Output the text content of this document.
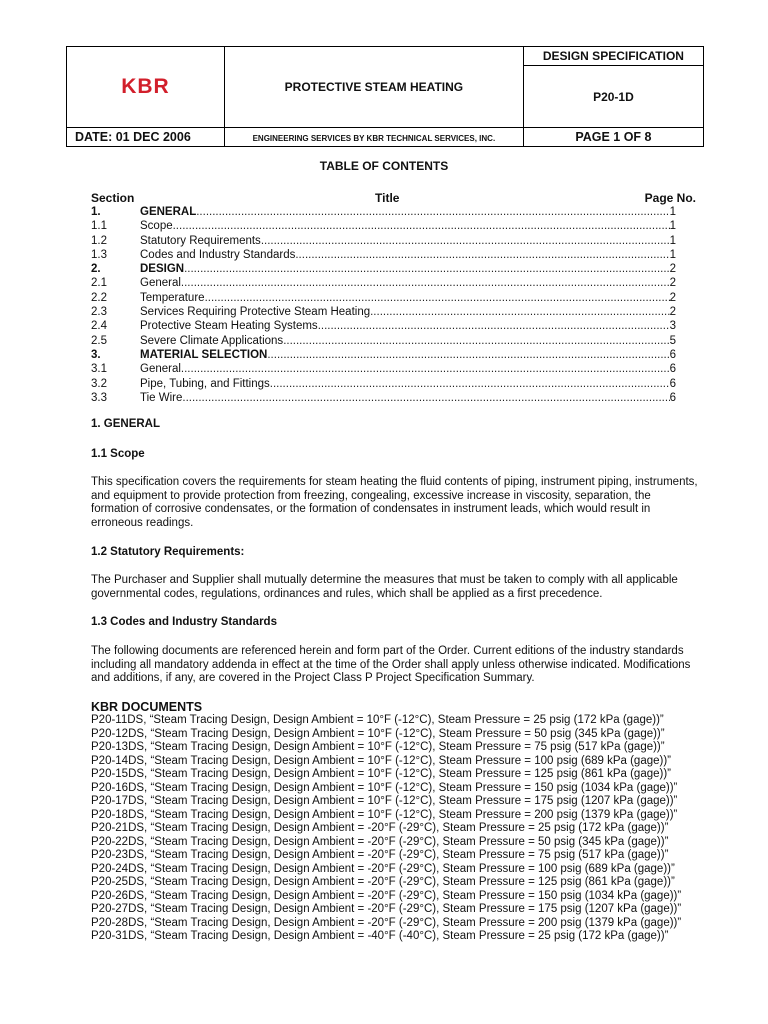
KBR	PROTECTIVE STEAM HEATING	DESIGN SPECIFICATION
		P20-1D
DATE: 01 DEC 2006	ENGINEERING SERVICES BY KBR TECHNICAL SERVICES, INC.	PAGE 1 OF 8
TABLE OF CONTENTS
Section	Title	Page No.
1.	GENERAL .....	1
1.1	Scope .....	1
1.2	Statutory Requirements .....	1
1.3	Codes and Industry Standards .....	1
2.	DESIGN .....	2
2.1	General .....	2
2.2	Temperature .....	2
2.3	Services Requiring Protective Steam Heating .....	2
2.4	Protective Steam Heating Systems .....	3
2.5	Severe Climate Applications .....	5
3.	MATERIAL SELECTION .....	6
3.1	General .....	6
3.2	Pipe, Tubing, and Fittings .....	6
3.3	Tie Wire .....	6
1. GENERAL
1.1 Scope

This specification covers the requirements for steam heating the fluid contents of piping, instrument piping, instruments, and equipment to provide protection from freezing, congealing, excessive increase in viscosity, separation, the formation of corrosive condensates, or the formation of condensates in instrument leads, which would result in erroneous readings.

1.2 Statutory Requirements:

The Purchaser and Supplier shall mutually determine the measures that must be taken to comply with all applicable governmental codes, regulations, ordinances and rules, which shall be applied as a first precedence.

1.3 Codes and Industry Standards

The following documents are referenced herein and form part of the Order. Current editions of the industry standards including all mandatory addenda in effect at the time of the Order shall apply unless otherwise indicated. Modifications and additions, if any, are covered in the Project Class P Project Specification Summary.

KBR DOCUMENTS
P20-11DS, “Steam Tracing Design, Design Ambient = 10°F (-12°C), Steam Pressure = 25 psig (172 kPa (gage))”
P20-12DS, “Steam Tracing Design, Design Ambient = 10°F (-12°C), Steam Pressure = 50 psig (345 kPa (gage))”
P20-13DS, “Steam Tracing Design, Design Ambient = 10°F (-12°C), Steam Pressure = 75 psig (517 kPa (gage))”
P20-14DS, “Steam Tracing Design, Design Ambient = 10°F (-12°C), Steam Pressure = 100 psig (689 kPa (gage))”
P20-15DS, “Steam Tracing Design, Design Ambient = 10°F (-12°C), Steam Pressure = 125 psig (861 kPa (gage))”
P20-16DS, “Steam Tracing Design, Design Ambient = 10°F (-12°C), Steam Pressure = 150 psig (1034 kPa (gage))”
P20-17DS, “Steam Tracing Design, Design Ambient = 10°F (-12°C), Steam Pressure = 175 psig (1207 kPa (gage))”
P20-18DS, “Steam Tracing Design, Design Ambient = 10°F (-12°C), Steam Pressure = 200 psig (1379 kPa (gage))”
P20-21DS, “Steam Tracing Design, Design Ambient = -20°F (-29°C), Steam Pressure = 25 psig (172 kPa (gage))”
P20-22DS, “Steam Tracing Design, Design Ambient = -20°F (-29°C), Steam Pressure = 50 psig (345 kPa (gage))”
P20-23DS, “Steam Tracing Design, Design Ambient = -20°F (-29°C), Steam Pressure = 75 psig (517 kPa (gage))”
P20-24DS, “Steam Tracing Design, Design Ambient = -20°F (-29°C), Steam Pressure = 100 psig (689 kPa (gage))”
P20-25DS, “Steam Tracing Design, Design Ambient = -20°F (-29°C), Steam Pressure = 125 psig (861 kPa (gage))”
P20-26DS, “Steam Tracing Design, Design Ambient = -20°F (-29°C), Steam Pressure = 150 psig (1034 kPa (gage))”
P20-27DS, “Steam Tracing Design, Design Ambient = -20°F (-29°C), Steam Pressure = 175 psig (1207 kPa (gage))”
P20-28DS, “Steam Tracing Design, Design Ambient = -20°F (-29°C), Steam Pressure = 200 psig (1379 kPa (gage))”
P20-31DS, “Steam Tracing Design, Design Ambient = -40°F (-40°C), Steam Pressure = 25 psig (172 kPa (gage))”
